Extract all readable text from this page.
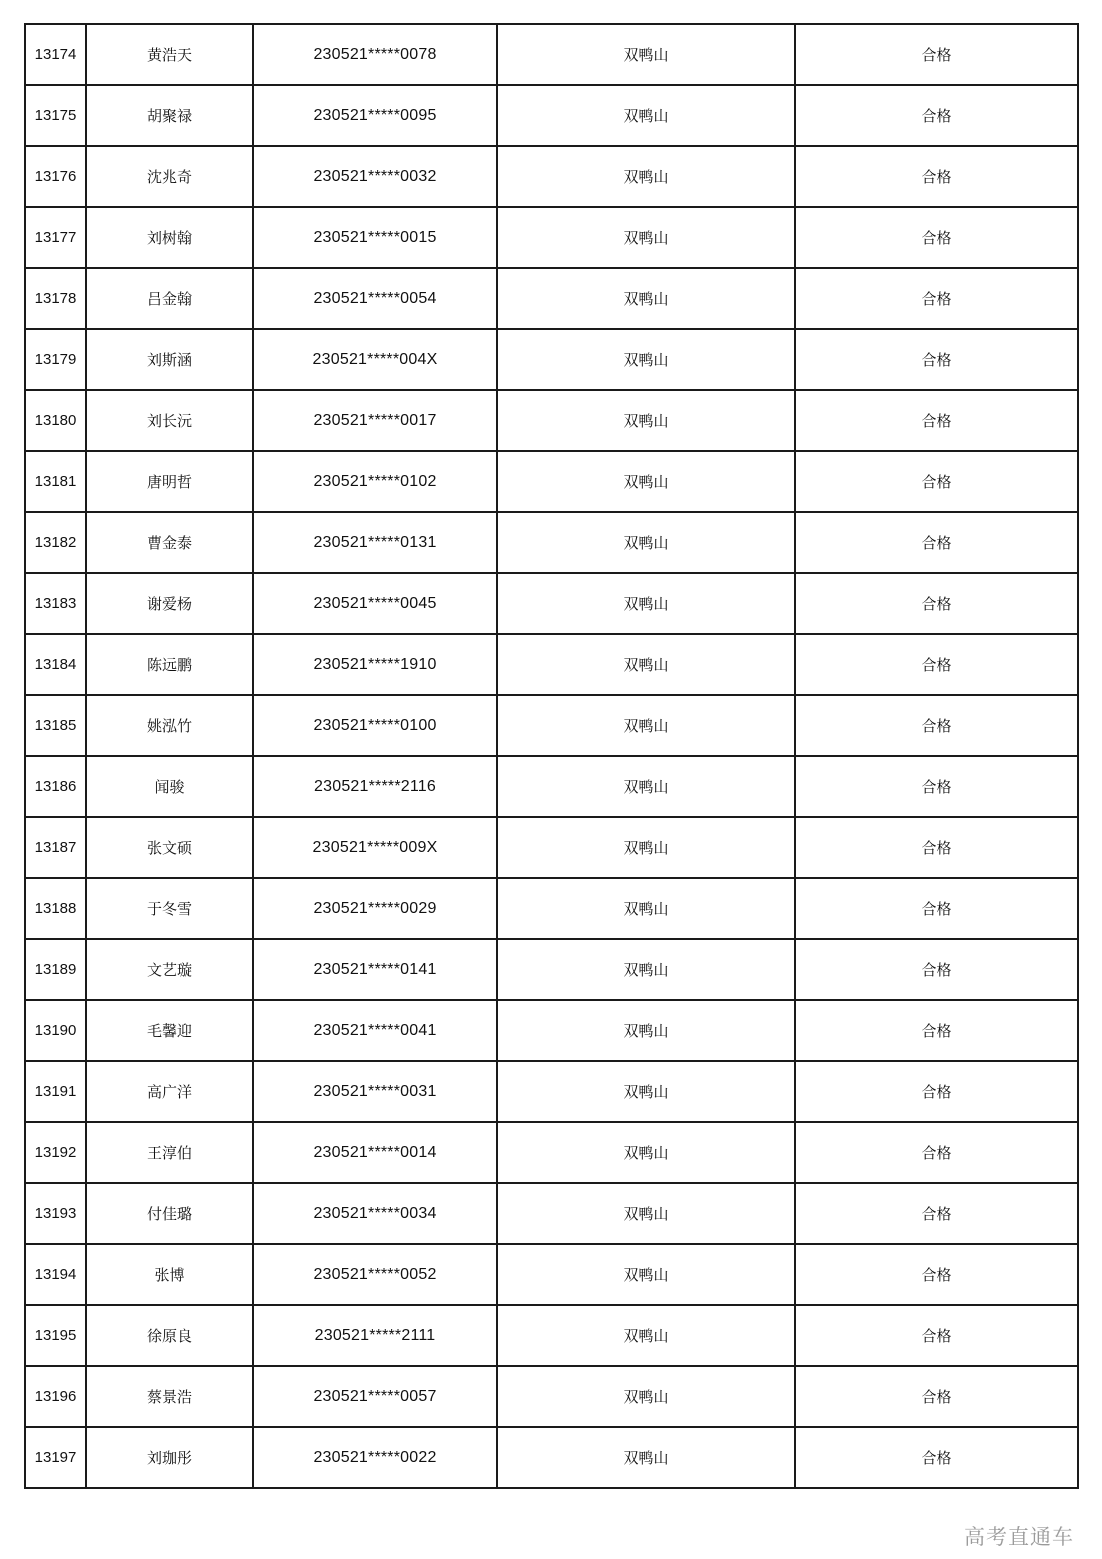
13174	黄浩天	230521*****0078	双鸭山	合格
13175	胡聚禄	230521*****0095	双鸭山	合格
13176	沈兆奇	230521*****0032	双鸭山	合格
13177	刘树翰	230521*****0015	双鸭山	合格
13178	吕金翰	230521*****0054	双鸭山	合格
13179	刘斯涵	230521*****004X	双鸭山	合格
13180	刘长沅	230521*****0017	双鸭山	合格
13181	唐明哲	230521*****0102	双鸭山	合格
13182	曹金泰	230521*****0131	双鸭山	合格
13183	谢爱杨	230521*****0045	双鸭山	合格
13184	陈远鹏	230521*****1910	双鸭山	合格
13185	姚泓竹	230521*****0100	双鸭山	合格
13186	闻骏	230521*****2116	双鸭山	合格
13187	张文硕	230521*****009X	双鸭山	合格
13188	于冬雪	230521*****0029	双鸭山	合格
13189	文艺璇	230521*****0141	双鸭山	合格
13190	毛馨迎	230521*****0041	双鸭山	合格
13191	高广洋	230521*****0031	双鸭山	合格
13192	王淳伯	230521*****0014	双鸭山	合格
13193	付佳璐	230521*****0034	双鸭山	合格
13194	张博	230521*****0052	双鸭山	合格
13195	徐原良	230521*****2111	双鸭山	合格
13196	蔡景浩	230521*****0057	双鸭山	合格
13197	刘珈彤	230521*****0022	双鸭山	合格
高考直通车
